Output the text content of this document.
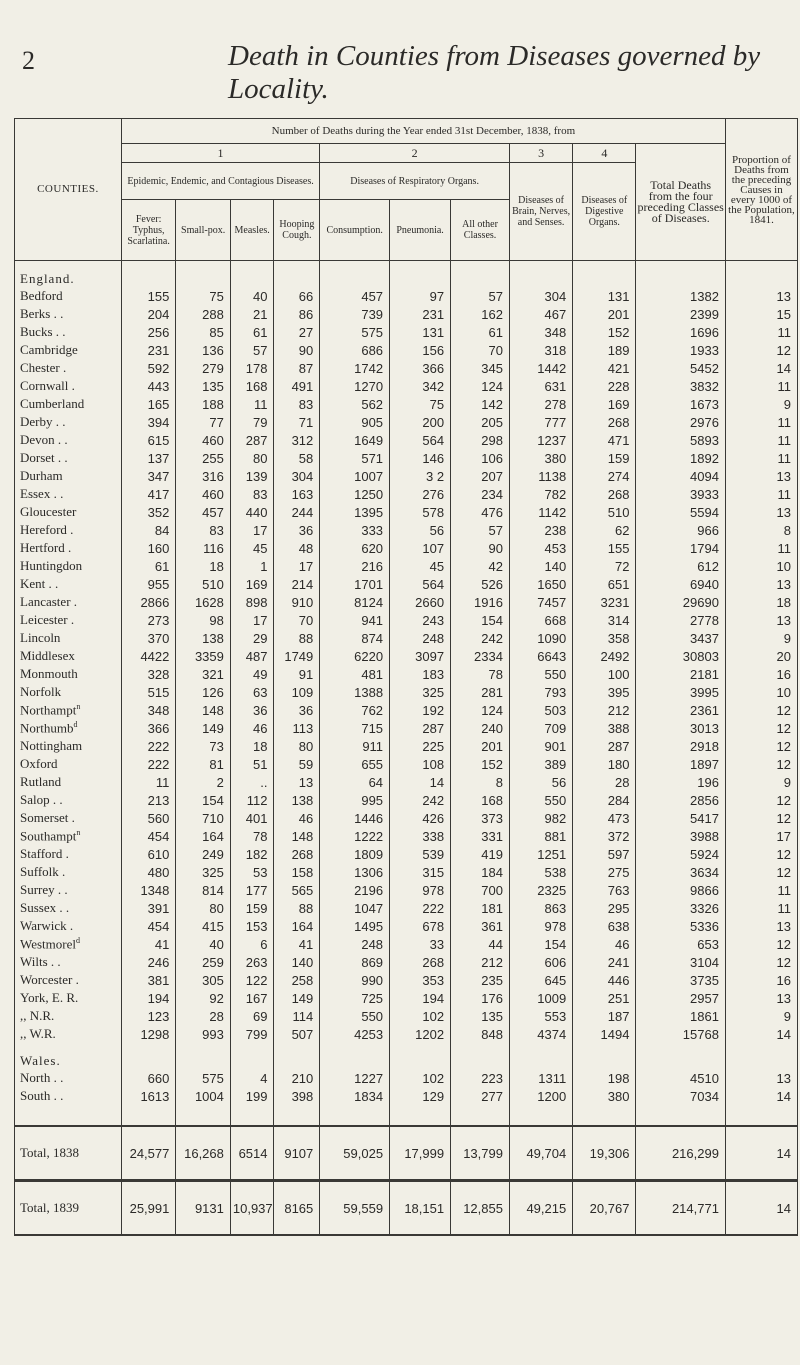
2	Death in Counties from Diseases governed by Locality.
COUNTIES.	Number of Deaths during the Year ended 31st December, 1838, from										Proportion of Deaths from the preceding Causes in every 1000 of the Population, 1841.
	1				2			3	4	Total Deaths from the four preceding Classes of Diseases.	
	Epidemic, Endemic, and Contagious Diseases.				Diseases of Respiratory Organs.			Diseases of Brain, Nerves, and Senses.	Diseases of Digestive Organs.		
	Fever: Typhus, Scarlatina.	Small-pox.	Measles.	Hooping Cough.	Consumption.	Pneumonia.	All other Classes.				
England.											
Bedford	155	75	40	66	457	97	57	304	131	1382	13
Berks . .	204	288	21	86	739	231	162	467	201	2399	15
Bucks . .	256	85	61	27	575	131	61	348	152	1696	11
Cambridge	231	136	57	90	686	156	70	318	189	1933	12
Chester .	592	279	178	87	1742	366	345	1442	421	5452	14
Cornwall .	443	135	168	491	1270	342	124	631	228	3832	11
Cumberland	165	188	11	83	562	75	142	278	169	1673	9
Derby . .	394	77	79	71	905	200	205	777	268	2976	11
Devon . .	615	460	287	312	1649	564	298	1237	471	5893	11
Dorset . .	137	255	80	58	571	146	106	380	159	1892	11
Durham	347	316	139	304	1007	3 2	207	1138	274	4094	13
Essex . .	417	460	83	163	1250	276	234	782	268	3933	11
Gloucester	352	457	440	244	1395	578	476	1142	510	5594	13
Hereford .	84	83	17	36	333	56	57	238	62	966	8
Hertford .	160	116	45	48	620	107	90	453	155	1794	11
Huntingdon	61	18	1	17	216	45	42	140	72	612	10
Kent . .	955	510	169	214	1701	564	526	1650	651	6940	13
Lancaster .	2866	1628	898	910	8124	2660	1916	7457	3231	29690	18
Leicester .	273	98	17	70	941	243	154	668	314	2778	13
Lincoln	370	138	29	88	874	248	242	1090	358	3437	9
Middlesex	4422	3359	487	1749	6220	3097	2334	6643	2492	30803	20
Monmouth	328	321	49	91	481	183	78	550	100	2181	16
Norfolk	515	126	63	109	1388	325	281	793	395	3995	10
Northampt$^n$	348	148	36	36	762	192	124	503	212	2361	12
Northumb$^d$	366	149	46	113	715	287	240	709	388	3013	12
Nottingham	222	73	18	80	911	225	201	901	287	2918	12
Oxford	222	81	51	59	655	108	152	389	180	1897	12
Rutland	11	2	..	13	64	14	8	56	28	196	9
Salop . .	213	154	112	138	995	242	168	550	284	2856	12
Somerset .	560	710	401	46	1446	426	373	982	473	5417	12
Southampt$^n$	454	164	78	148	1222	338	331	881	372	3988	17
Stafford .	610	249	182	268	1809	539	419	1251	597	5924	12
Suffolk .	480	325	53	158	1306	315	184	538	275	3634	12
Surrey . .	1348	814	177	565	2196	978	700	2325	763	9866	11
Sussex . .	391	80	159	88	1047	222	181	863	295	3326	11
Warwick .	454	415	153	164	1495	678	361	978	638	5336	13
Westmorel$^d$	41	40	6	41	248	33	44	154	46	653	12
Wilts . .	246	259	263	140	869	268	212	606	241	3104	12
Worcester .	381	305	122	258	990	353	235	645	446	3735	16
York, E. R.	194	92	167	149	725	194	176	1009	251	2957	13
,, N.R.	123	28	69	114	550	102	135	553	187	1861	9
,, W.R.	1298	993	799	507	4253	1202	848	4374	1494	15768	14
Wales.											
North . .	660	575	4	210	1227	102	223	1311	198	4510	13
South . .	1613	1004	199	398	1834	129	277	1200	380	7034	14

Total, 1838	24,577	16,268	6514	9107	59,025	17,999	13,799	49,704	19,306	216,299	14
Total, 1839	25,991	9131	10,937	8165	59,559	18,151	12,855	49,215	20,767	214,771	14
